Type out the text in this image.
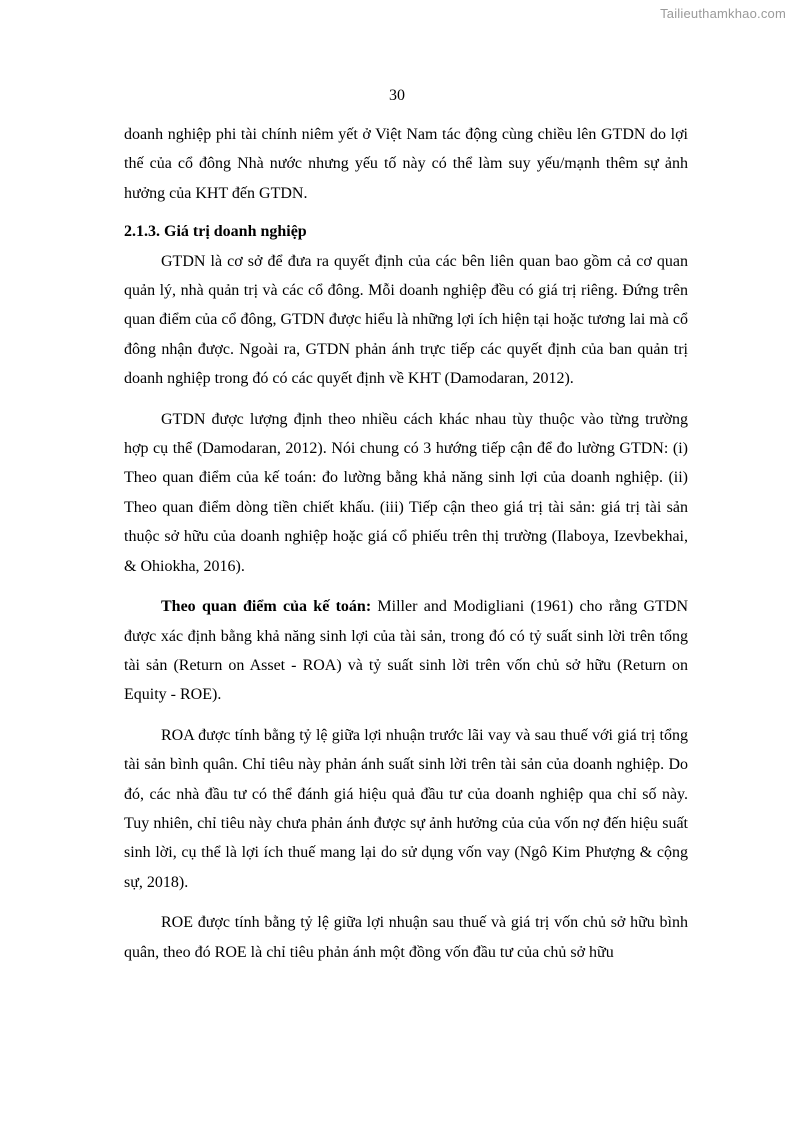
Tailieuthamkhao.com
30

doanh nghiệp phi tài chính niêm yết ở Việt Nam tác động cùng chiều lên GTDN do lợi thế của cổ đông Nhà nước nhưng yếu tố này có thể làm suy yếu/mạnh thêm sự ảnh hưởng của KHT đến GTDN.

2.1.3. Giá trị doanh nghiệp

GTDN là cơ sở để đưa ra quyết định của các bên liên quan bao gồm cả cơ quan quản lý, nhà quản trị và các cổ đông. Mỗi doanh nghiệp đều có giá trị riêng. Đứng trên quan điểm của cổ đông, GTDN được hiểu là những lợi ích hiện tại hoặc tương lai mà cổ đông nhận được. Ngoài ra, GTDN phản ánh trực tiếp các quyết định của ban quản trị doanh nghiệp trong đó có các quyết định về KHT (Damodaran, 2012).

GTDN được lượng định theo nhiều cách khác nhau tùy thuộc vào từng trường hợp cụ thể (Damodaran, 2012). Nói chung có 3 hướng tiếp cận để đo lường GTDN: (i) Theo quan điểm của kế toán: đo lường bằng khả năng sinh lợi của doanh nghiệp. (ii) Theo quan điểm dòng tiền chiết khấu. (iii) Tiếp cận theo giá trị tài sản: giá trị tài sản thuộc sở hữu của doanh nghiệp hoặc giá cổ phiếu trên thị trường (Ilaboya, Izevbekhai, & Ohiokha, 2016).

Theo quan điểm của kế toán: Miller and Modigliani (1961) cho rằng GTDN được xác định bằng khả năng sinh lợi của tài sản, trong đó có tỷ suất sinh lời trên tổng tài sản (Return on Asset - ROA) và tỷ suất sinh lời trên vốn chủ sở hữu (Return on Equity - ROE).

ROA được tính bằng tỷ lệ giữa lợi nhuận trước lãi vay và sau thuế với giá trị tổng tài sản bình quân. Chỉ tiêu này phản ánh suất sinh lời trên tài sản của doanh nghiệp. Do đó, các nhà đầu tư có thể đánh giá hiệu quả đầu tư của doanh nghiệp qua chỉ số này. Tuy nhiên, chỉ tiêu này chưa phản ánh được sự ảnh hưởng của của vốn nợ đến hiệu suất sinh lời, cụ thể là lợi ích thuế mang lại do sử dụng vốn vay (Ngô Kim Phượng & cộng sự, 2018).

ROE được tính bằng tỷ lệ giữa lợi nhuận sau thuế và giá trị vốn chủ sở hữu bình quân, theo đó ROE là chỉ tiêu phản ánh một đồng vốn đầu tư của chủ sở hữu
